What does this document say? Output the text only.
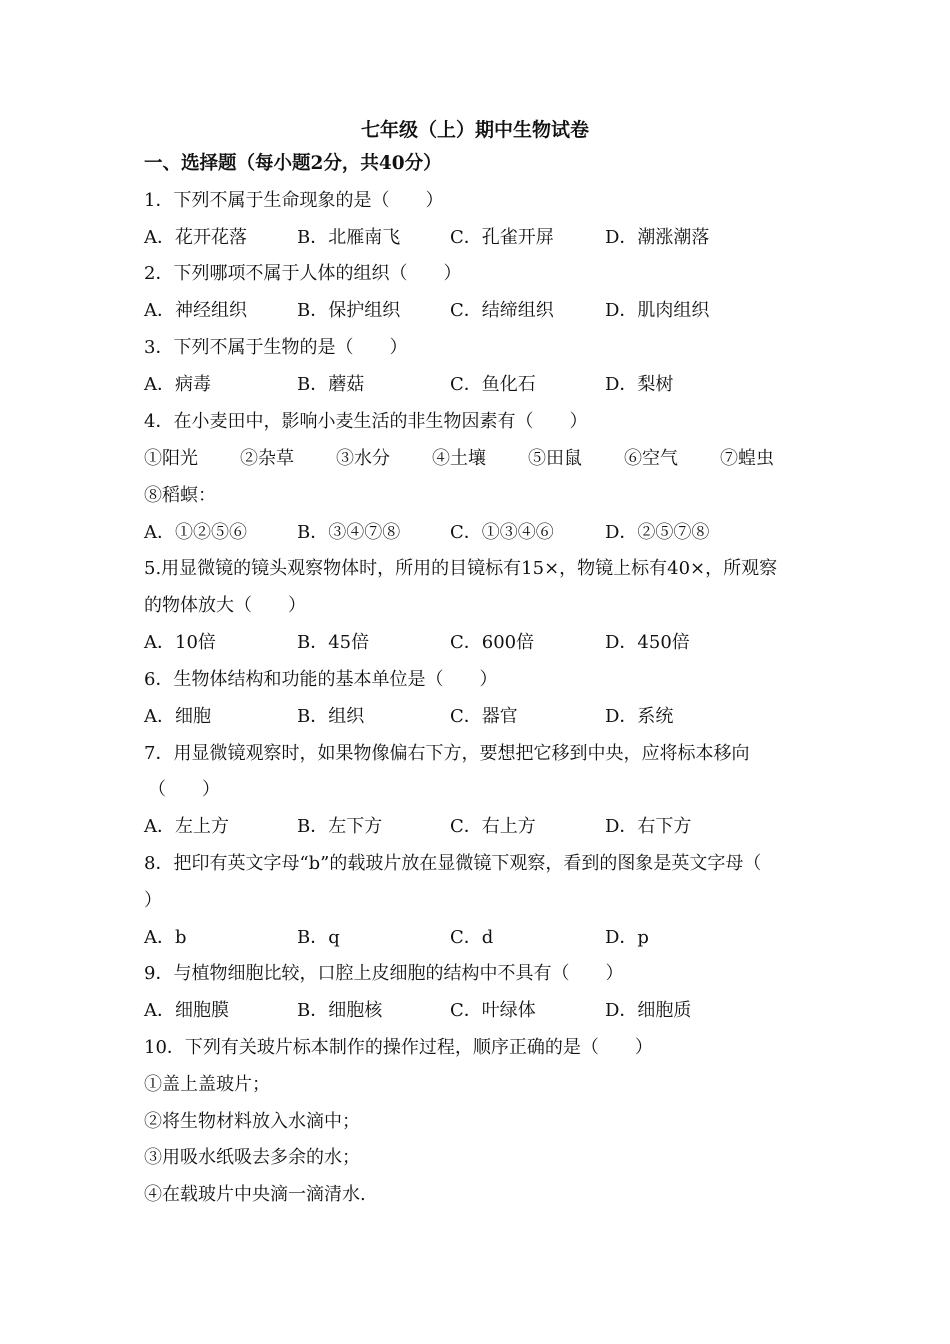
七年级（上）期中生物试卷
一、选择题（每小题2分，共40分）
1．下列不属于生命现象的是（　　）
A．花开花落	B．北雁南飞	C．孔雀开屏	D．潮涨潮落
2．下列哪项不属于人体的组织（　　）
A．神经组织	B．保护组织	C．结缔组织	D．肌肉组织
3．下列不属于生物的是（　　）
A．病毒	B．蘑菇	C．鱼化石	D．梨树
4．在小麦田中，影响小麦生活的非生物因素有（　　）
①阳光 ②杂草 ③水分 ④土壤 ⑤田鼠 ⑥空气 ⑦蝗虫
⑧稻螟：
A．①②⑤⑥	B．③④⑦⑧	C．①③④⑥	D．②⑤⑦⑧
5.用显微镜的镜头观察物体时，所用的目镜标有15×，物镜上标有40×，所观察
的物体放大（　　）
A．10倍	B．45倍	C．600倍	D．450倍
6．生物体结构和功能的基本单位是（　　）
A．细胞	B．组织	C．器官	D．系统
7．用显微镜观察时，如果物像偏右下方，要想把它移到中央，应将标本移向
（　　）
A．左上方	B．左下方	C．右上方	D．右下方
8．把印有英文字母“b”的载玻片放在显微镜下观察，看到的图象是英文字母（
）
A．b	B．q	C．d	D．p
9．与植物细胞比较，口腔上皮细胞的结构中不具有（　　）
A．细胞膜	B．细胞核	C．叶绿体	D．细胞质
10．下列有关玻片标本制作的操作过程，顺序正确的是（　　）
①盖上盖玻片；
②将生物材料放入水滴中；
③用吸水纸吸去多余的水；
④在载玻片中央滴一滴清水.
